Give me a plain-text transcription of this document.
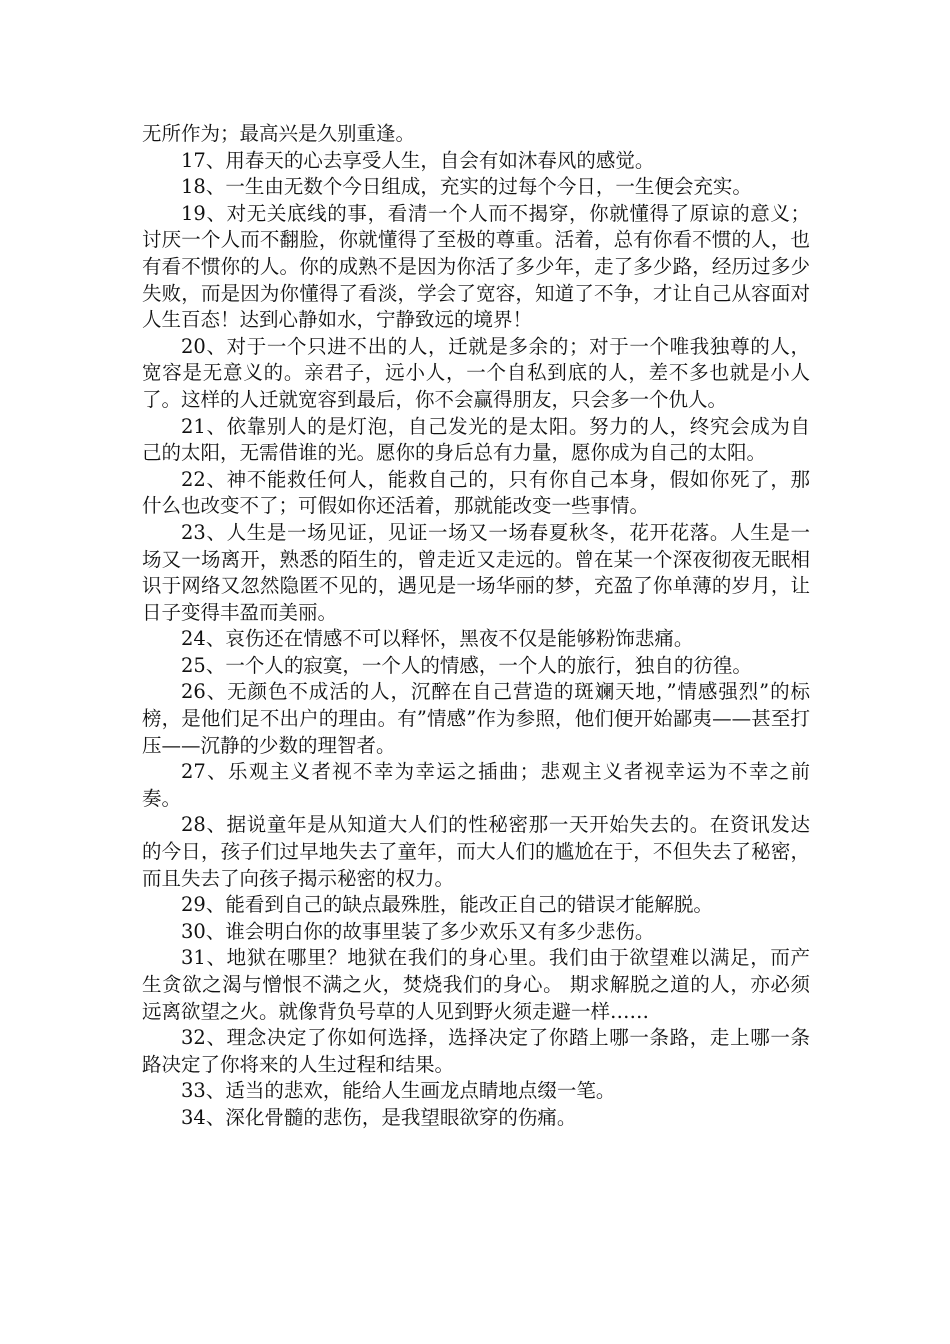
无所作为；最高兴是久别重逢。

17、用春天的心去享受人生，自会有如沐春风的感觉。

18、一生由无数个今日组成，充实的过每个今日，一生便会充实。

19、对无关底线的事，看清一个人而不揭穿，你就懂得了原谅的意义；讨厌一个人而不翻脸，你就懂得了至极的尊重。活着，总有你看不惯的人，也有看不惯你的人。你的成熟不是因为你活了多少年，走了多少路，经历过多少失败，而是因为你懂得了看淡，学会了宽容，知道了不争，才让自己从容面对人生百态！达到心静如水，宁静致远的境界！

20、对于一个只进不出的人，迁就是多余的；对于一个唯我独尊的人，宽容是无意义的。亲君子，远小人，一个自私到底的人，差不多也就是小人了。这样的人迁就宽容到最后，你不会赢得朋友，只会多一个仇人。

21、依靠别人的是灯泡，自己发光的是太阳。努力的人，终究会成为自己的太阳，无需借谁的光。愿你的身后总有力量，愿你成为自己的太阳。

22、神不能救任何人，能救自己的，只有你自己本身，假如你死了，那什么也改变不了；可假如你还活着，那就能改变一些事情。

23、人生是一场见证，见证一场又一场春夏秋冬，花开花落。人生是一场又一场离开，熟悉的陌生的，曾走近又走远的。曾在某一个深夜彻夜无眠相识于网络又忽然隐匿不见的，遇见是一场华丽的梦，充盈了你单薄的岁月，让日子变得丰盈而美丽。

24、哀伤还在情感不可以释怀，黑夜不仅是能够粉饰悲痛。

25、一个人的寂寞，一个人的情感，一个人的旅行，独自的彷徨。

26、无颜色不成活的人，沉醉在自己营造的斑斓天地，”情感强烈”的标榜，是他们足不出户的理由。有”情感”作为参照，他们便开始鄙夷——甚至打压——沉静的少数的理智者。

27、乐观主义者视不幸为幸运之插曲；悲观主义者视幸运为不幸之前奏。

28、据说童年是从知道大人们的性秘密那一天开始失去的。在资讯发达的今日，孩子们过早地失去了童年，而大人们的尴尬在于，不但失去了秘密，而且失去了向孩子揭示秘密的权力。

29、能看到自己的缺点最殊胜，能改正自己的错误才能解脱。

30、谁会明白你的故事里装了多少欢乐又有多少悲伤。

31、地狱在哪里？地狱在我们的身心里。我们由于欲望难以满足，而产生贪欲之渴与憎恨不满之火，焚烧我们的身心。 期求解脱之道的人，亦必须远离欲望之火。就像背负号草的人见到野火须走避一样……

32、理念决定了你如何选择，选择决定了你踏上哪一条路，走上哪一条路决定了你将来的人生过程和结果。

33、适当的悲欢，能给人生画龙点睛地点缀一笔。

34、深化骨髓的悲伤，是我望眼欲穿的伤痛。
